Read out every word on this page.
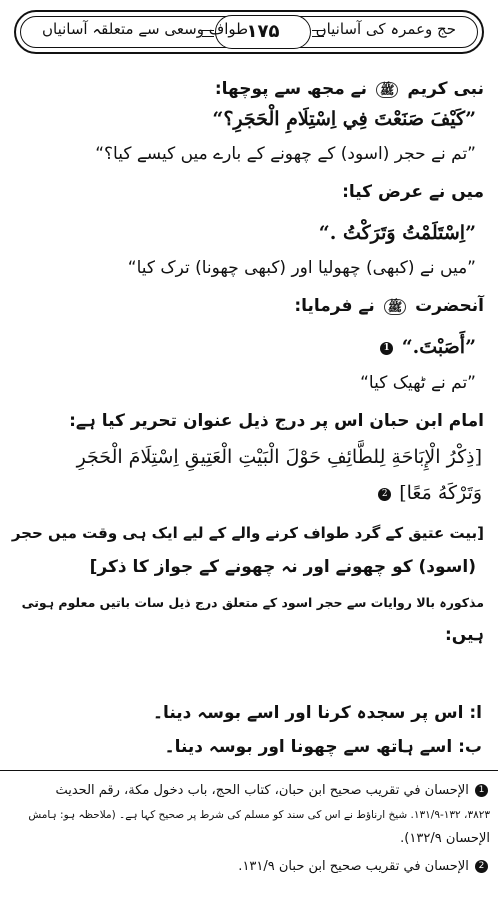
حج وعمرہ کی آسانیاں
۱۷۵
طواف وسعی سے متعلقہ آسانیاں
نبی کریم ﷺ نے مجھ سے پوچھا:
”كَيْفَ صَنَعْتَ فِي اِسْتِلَامِ الْحَجَرِ؟“
”تم نے حجر (اسود) کے چھونے کے بارے میں کیسے کیا؟“
میں نے عرض کیا:
”اِسْتَلَمْتُ وَتَرَكْتُ .“
”میں نے (کبھی) چھولیا اور (کبھی چھونا) ترک کیا“
آنحضرت ﷺ نے فرمایا:
”أَصَبْتَ.“ 1
”تم نے ٹھیک کیا“
امام ابن حبان اس پر درج ذیل عنوان تحریر کیا ہے:
[ذِكْرُ الْإِبَاحَةِ لِلطَّائِفِ حَوْلَ الْبَيْتِ الْعَتِيقِ اِسْتِلَامَ الْحَجَرِ
وَتَرْكَهُ مَعًا] 2
[بیت عتیق کے گرد طواف کرنے والے کے لیے ایک ہی وقت میں حجر
(اسود) کو چھونے اور نہ چھونے کے جواز کا ذکر]
مذکورہ بالا روایات سے حجر اسود کے متعلق درج ذیل سات باتیں معلوم ہوتی
ہیں:
ا: اس پر سجدہ کرنا اور اسے بوسہ دینا۔
ب: اسے ہاتھ سے چھونا اور بوسہ دینا۔
1 الإحسان في تقريب صحيح ابن حبان، كتاب الحج، باب دخول مكة، رقم الحديث
۳۸۲۳، ۱۳۱/۹-۱۳۲. شیخ ارناؤط نے اس کی سند کو مسلم کی شرط پر صحیح کہا ہے۔ (ملاحظہ ہو: ہامش
الإحسان ۱۳۲/۹).
2 الإحسان في تقريب صحيح ابن حبان ۱۳۱/۹.
